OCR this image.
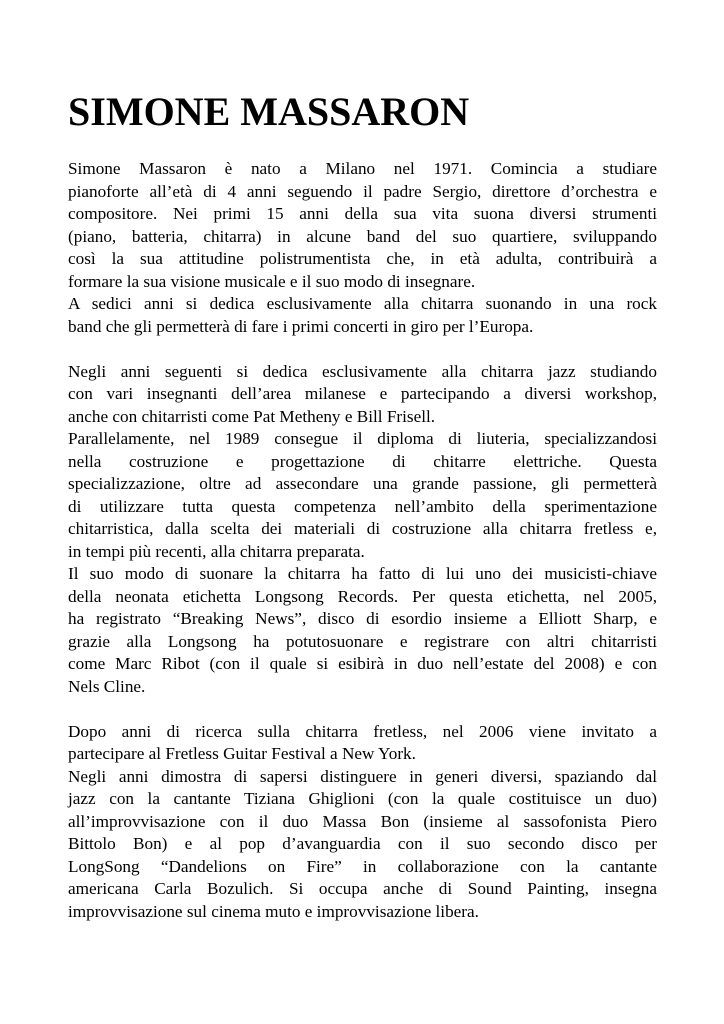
SIMONE MASSARON
Simone Massaron è nato a Milano nel 1971. Comincia a studiare
pianoforte all’età di 4 anni seguendo il padre Sergio, direttore d’orchestra e
compositore. Nei primi 15 anni della sua vita suona diversi strumenti
(piano, batteria, chitarra) in alcune band del suo quartiere, sviluppando
così la sua attitudine polistrumentista che, in età adulta, contribuirà a
formare la sua visione musicale e il suo modo di insegnare.
A sedici anni si dedica esclusivamente alla chitarra suonando in una rock
band che gli permetterà di fare i primi concerti in giro per l’Europa.
Negli anni seguenti si dedica esclusivamente alla chitarra jazz studiando
con vari insegnanti dell’area milanese e partecipando a diversi workshop,
anche con chitarristi come Pat Metheny e Bill Frisell.
Parallelamente, nel 1989 consegue il diploma di liuteria, specializzandosi
nella costruzione e progettazione di chitarre elettriche. Questa
specializzazione, oltre ad assecondare una grande passione, gli permetterà
di utilizzare tutta questa competenza nell’ambito della sperimentazione
chitarristica, dalla scelta dei materiali di costruzione alla chitarra fretless e,
in tempi più recenti, alla chitarra preparata.
Il suo modo di suonare la chitarra ha fatto di lui uno dei musicisti-chiave
della neonata etichetta Longsong Records. Per questa etichetta, nel 2005,
ha registrato “Breaking News”, disco di esordio insieme a Elliott Sharp, e
grazie alla Longsong ha potutosuonare e registrare con altri chitarristi
come Marc Ribot (con il quale si esibirà in duo nell’estate del 2008) e con
Nels Cline.
Dopo anni di ricerca sulla chitarra fretless, nel 2006 viene invitato a
partecipare al Fretless Guitar Festival a New York.
Negli anni dimostra di sapersi distinguere in generi diversi, spaziando dal
jazz con la cantante Tiziana Ghiglioni (con la quale costituisce un duo)
all’improvvisazione con il duo Massa Bon (insieme al sassofonista Piero
Bittolo Bon) e al pop d’avanguardia con il suo secondo disco per
LongSong “Dandelions on Fire” in collaborazione con la cantante
americana Carla Bozulich. Si occupa anche di Sound Painting, insegna
improvvisazione sul cinema muto e improvvisazione libera.
